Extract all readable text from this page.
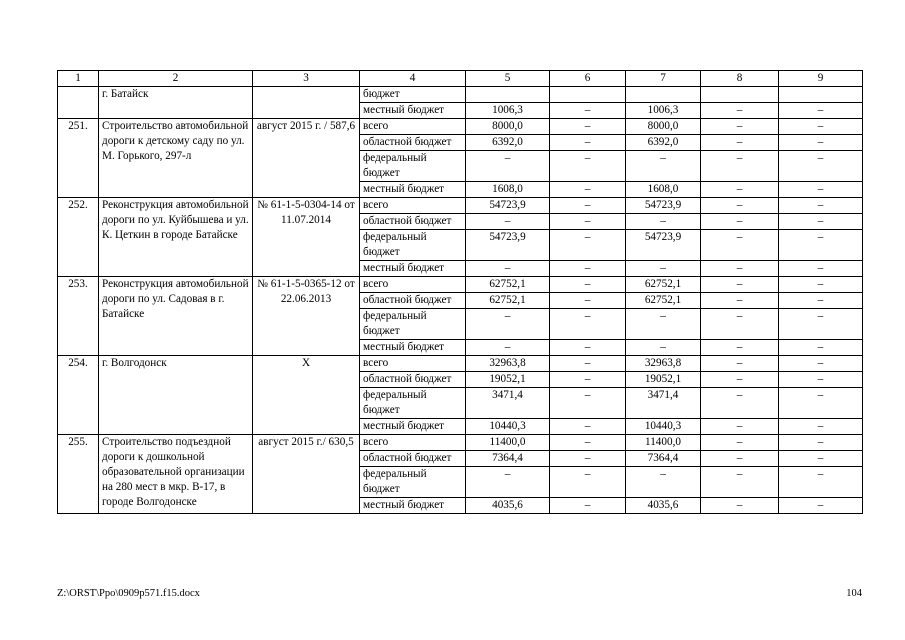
1	2	3	4	5	6	7	8	9
	г. Батайск		бюджет					
			местный бюджет	1006,3	–	1006,3	–	–
251.	Строительство автомобильной дороги к детскому саду по ул. М. Горького, 297-л	август 2015 г. / 587,6	всего	8000,0	–	8000,0	–	–
			областной бюджет	6392,0	–	6392,0	–	–
			федеральный бюджет	–	–	–	–	–
			местный бюджет	1608,0	–	1608,0	–	–
252.	Реконструкция автомобильной дороги по ул. Куйбышева и ул. К. Цеткин в городе Батайске	№ 61-1-5-0304-14 от 11.07.2014	всего	54723,9	–	54723,9	–	–
			областной бюджет	–	–	–	–	–
			федеральный бюджет	54723,9	–	54723,9	–	–
			местный бюджет	–	–	–	–	–
253.	Реконструкция автомобильной дороги по ул. Садовая в г. Батайске	№ 61-1-5-0365-12 от 22.06.2013	всего	62752,1	–	62752,1	–	–
			областной бюджет	62752,1	–	62752,1	–	–
			федеральный бюджет	–	–	–	–	–
			местный бюджет	–	–	–	–	–
254.	г. Волгодонск	Х	всего	32963,8	–	32963,8	–	–
			областной бюджет	19052,1	–	19052,1	–	–
			федеральный бюджет	3471,4	–	3471,4	–	–
			местный бюджет	10440,3	–	10440,3	–	–
255.	Строительство подъездной дороги к дошкольной образовательной организации на 280 мест в мкр. В-17, в городе Волгодонске	август 2015 г./ 630,5	всего	11400,0	–	11400,0	–	–
			областной бюджет	7364,4	–	7364,4	–	–
			федеральный бюджет	–	–	–	–	–
			местный бюджет	4035,6	–	4035,6	–	–
Z:\ORST\Ppo\0909p571.f15.docx	104
